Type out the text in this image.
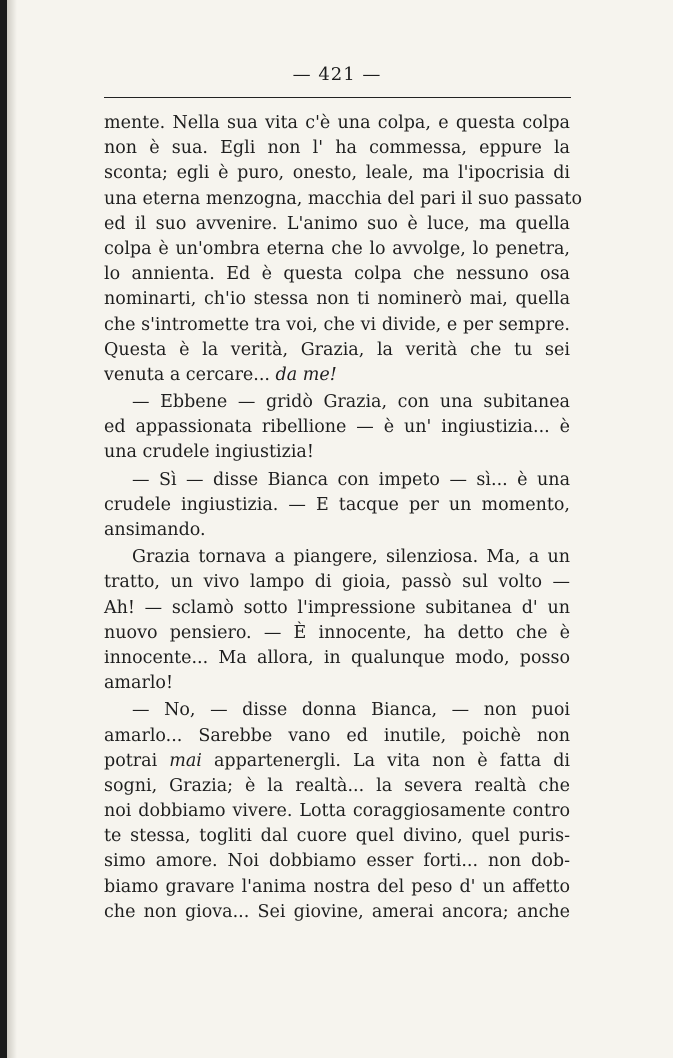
— 421 —
mente. Nella sua vita c'è una colpa, e questa colpa
non è sua. Egli non l' ha commessa, eppure la
sconta; egli è puro, onesto, leale, ma l'ipocrisia di
una eterna menzogna, macchia del pari il suo passato
ed il suo avvenire. L'animo suo è luce, ma quella
colpa è un'ombra eterna che lo avvolge, lo penetra,
lo annienta. Ed è questa colpa che nessuno osa
nominarti, ch'io stessa non ti nominerò mai, quella
che s'intromette tra voi, che vi divide, e per sempre.
Questa è la verità, Grazia, la verità che tu sei
venuta a cercare... da me!
— Ebbene — gridò Grazia, con una subitanea
ed appassionata ribellione — è un' ingiustizia... è
una crudele ingiustizia!
— Sì — disse Bianca con impeto — sì... è una
crudele ingiustizia. — E tacque per un momento,
ansimando.
Grazia tornava a piangere, silenziosa. Ma, a un
tratto, un vivo lampo di gioia, passò sul volto —
Ah! — sclamò sotto l'impressione subitanea d' un
nuovo pensiero. — È innocente, ha detto che è
innocente... Ma allora, in qualunque modo, posso
amarlo!
— No, — disse donna Bianca, — non puoi
amarlo... Sarebbe vano ed inutile, poichè non
potrai mai appartenergli. La vita non è fatta di
sogni, Grazia; è la realtà... la severa realtà che
noi dobbiamo vivere. Lotta coraggiosamente contro
te stessa, togliti dal cuore quel divino, quel puris-
simo amore. Noi dobbiamo esser forti... non dob-
biamo gravare l'anima nostra del peso d' un affetto
che non giova... Sei giovine, amerai ancora; anche
